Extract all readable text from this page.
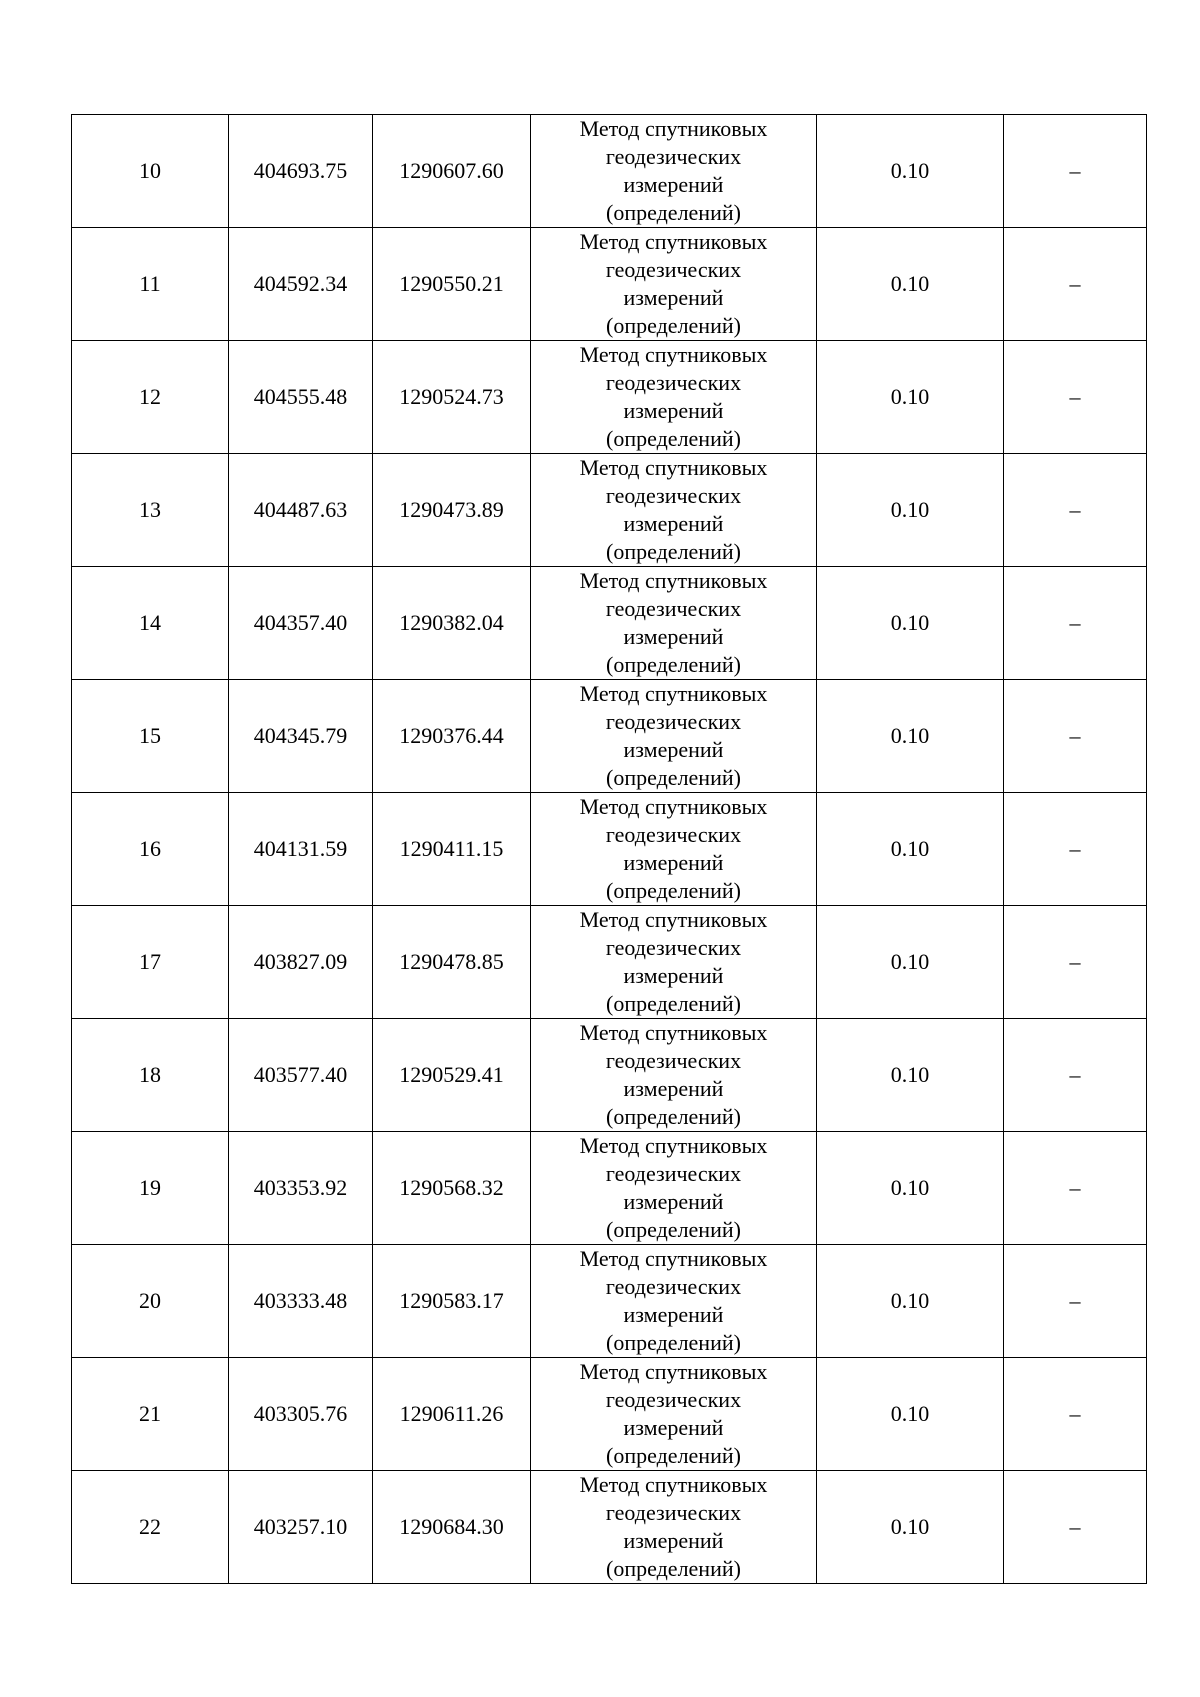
10	404693.75	1290607.60	Метод спутниковых
геодезических
измерений
(определений)	0.10	–
11	404592.34	1290550.21	Метод спутниковых
геодезических
измерений
(определений)	0.10	–
12	404555.48	1290524.73	Метод спутниковых
геодезических
измерений
(определений)	0.10	–
13	404487.63	1290473.89	Метод спутниковых
геодезических
измерений
(определений)	0.10	–
14	404357.40	1290382.04	Метод спутниковых
геодезических
измерений
(определений)	0.10	–
15	404345.79	1290376.44	Метод спутниковых
геодезических
измерений
(определений)	0.10	–
16	404131.59	1290411.15	Метод спутниковых
геодезических
измерений
(определений)	0.10	–
17	403827.09	1290478.85	Метод спутниковых
геодезических
измерений
(определений)	0.10	–
18	403577.40	1290529.41	Метод спутниковых
геодезических
измерений
(определений)	0.10	–
19	403353.92	1290568.32	Метод спутниковых
геодезических
измерений
(определений)	0.10	–
20	403333.48	1290583.17	Метод спутниковых
геодезических
измерений
(определений)	0.10	–
21	403305.76	1290611.26	Метод спутниковых
геодезических
измерений
(определений)	0.10	–
22	403257.10	1290684.30	Метод спутниковых
геодезических
измерений
(определений)	0.10	–
